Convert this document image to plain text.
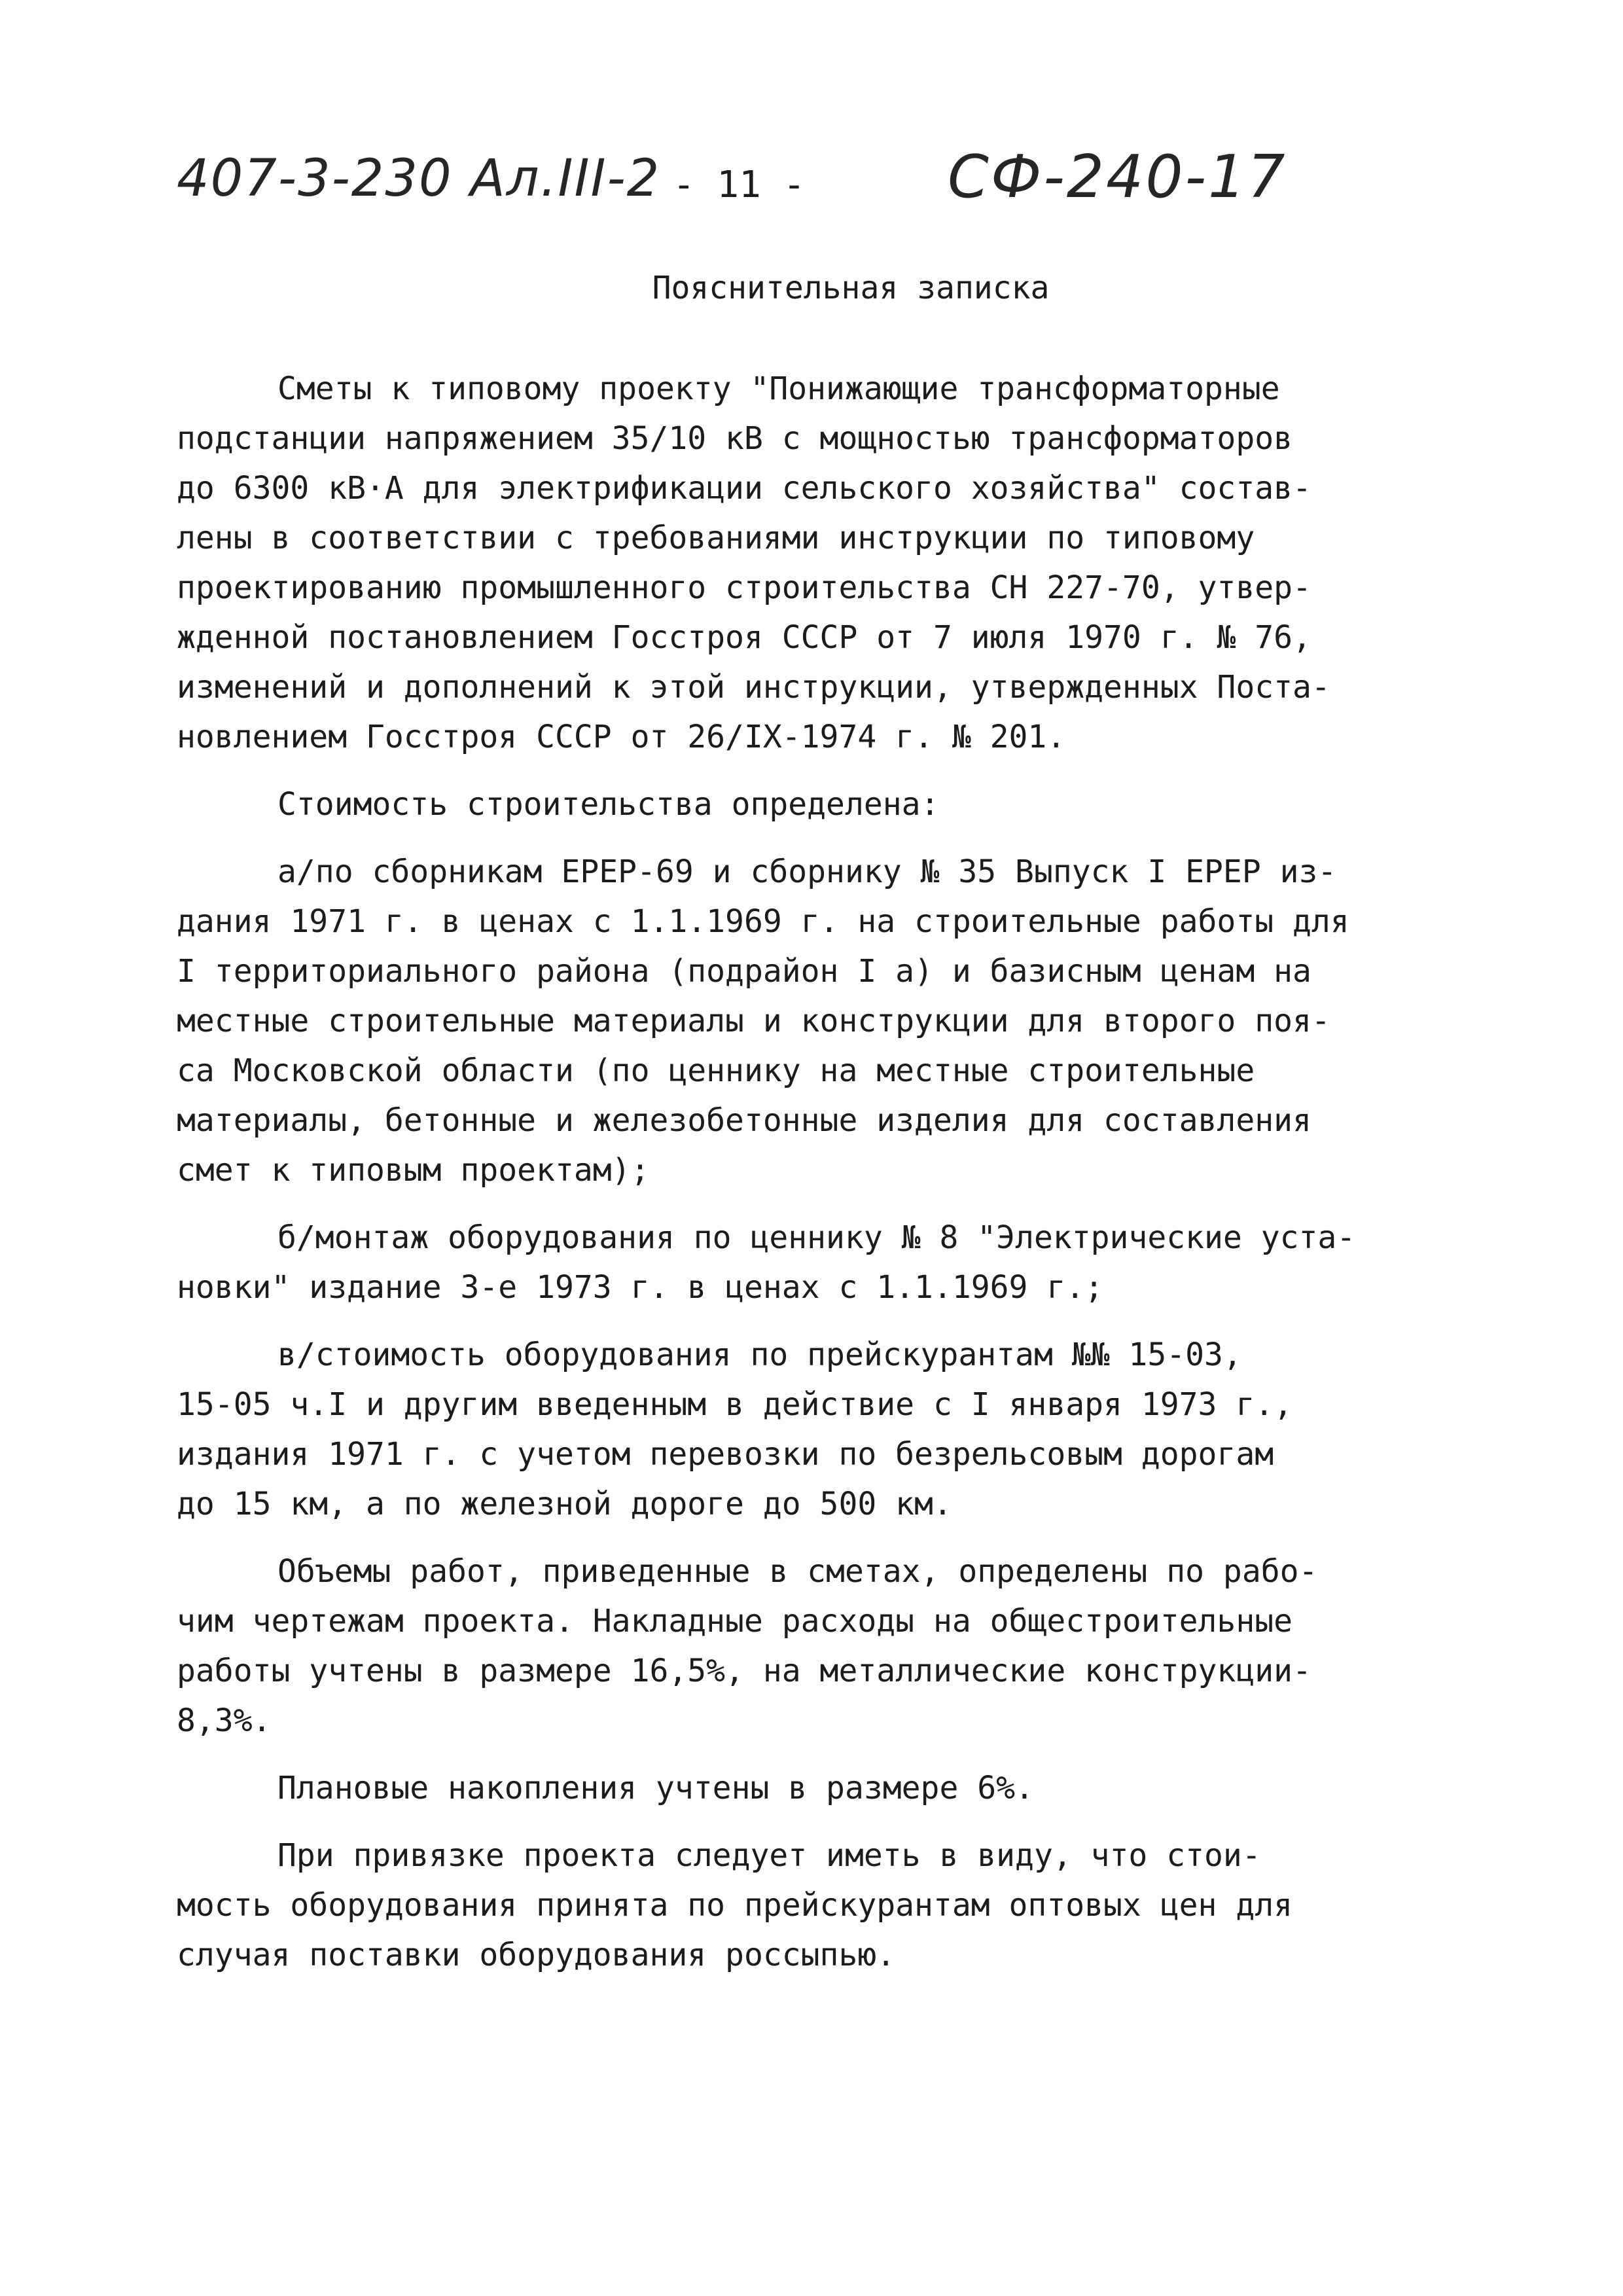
407-3-230 Ал.III-2 - 11 - СФ-240-17
Пояснительная записка
Сметы к типовому проекту "Понижающие трансформаторные
подстанции напряжением 35/10 кВ с мощностью трансформаторов
до 6300 кВ·А для электрификации сельского хозяйства" состав-
лены в соответствии с требованиями инструкции по типовому
проектированию промышленного строительства СН 227-70, утвер-
жденной постановлением Госстроя СССР от 7 июля 1970 г. № 76,
изменений и дополнений к этой инструкции, утвержденных Поста-
новлением Госстроя СССР от 26/IX-1974 г. № 201.
Стоимость строительства определена:
а/по сборникам ЕРЕР-69 и сборнику № 35 Выпуск I ЕРЕР из-
дания 1971 г. в ценах с 1.1.1969 г. на строительные работы для
I территориального района (подрайон I а) и базисным ценам на
местные строительные материалы и конструкции для второго поя-
са Московской области (по ценнику на местные строительные
материалы, бетонные и железобетонные изделия для составления
смет к типовым проектам);
б/монтаж оборудования по ценнику № 8 "Электрические уста-
новки" издание 3-е 1973 г. в ценах с 1.1.1969 г.;
в/стоимость оборудования по прейскурантам №№ 15-03,
15-05 ч.I и другим введенным в действие с I января 1973 г.,
издания 1971 г. с учетом перевозки по безрельсовым дорогам
до 15 км, а по железной дороге до 500 км.
Объемы работ, приведенные в сметах, определены по рабо-
чим чертежам проекта. Накладные расходы на общестроительные
работы учтены в размере 16,5%, на металлические конструкции-
8,3%.
Плановые накопления учтены в размере 6%.
При привязке проекта следует иметь в виду, что стои-
мость оборудования принята по прейскурантам оптовых цен для
случая поставки оборудования россыпью.
